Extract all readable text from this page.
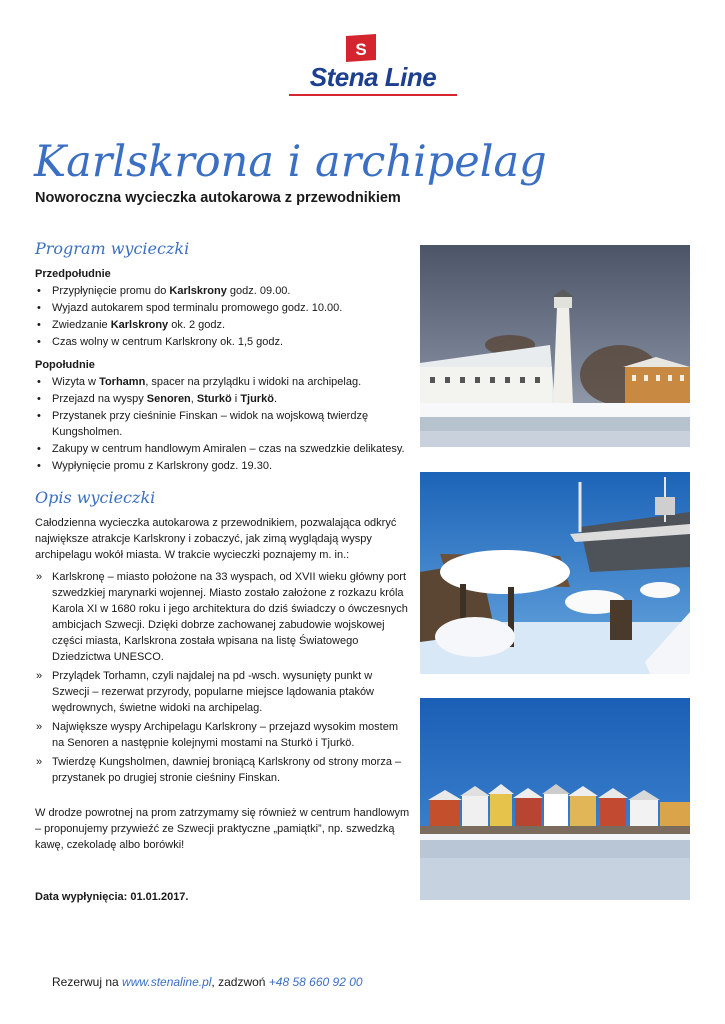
S
Stena Line
Karlskrona i archipelag
Noworoczna wycieczka autokarowa z przewodnikiem
Program wycieczki

Przedpołudnie

• Przypłynięcie promu do Karlskrony godz. 09.00.
• Wyjazd autokarem spod terminalu promowego godz. 10.00.
• Zwiedzanie Karlskrony ok. 2 godz.
• Czas wolny w centrum Karlskrony ok. 1,5 godz.

Popołudnie

• Wizyta w Torhamn, spacer na przylądku i widoki na archipelag.
• Przejazd na wyspy Senoren, Sturkö i Tjurkö.
• Przystanek przy cieśninie Finskan – widok na wojskową twierdzę Kungsholmen.
• Zakupy w centrum handlowym Amiralen – czas na szwedzkie delikatesy.
• Wypłynięcie promu z Karlskrony godz. 19.30.
Opis wycieczki

Całodzienna wycieczka autokarowa z przewodnikiem, pozwalająca odkryć największe atrakcje Karlskrony i zobaczyć, jak zimą wyglądają wyspy archipelagu wokół miasta. W trakcie wycieczki poznajemy m. in.:

» Karlskronę – miasto położone na 33 wyspach, od XVII wieku główny port szwedzkiej marynarki wojennej. Miasto zostało założone z rozkazu króla Karola XI w 1680 roku i jego architektura do dziś świadczy o ówczesnych ambicjach Szwecji. Dzięki dobrze zachowanej zabudowie wojskowej części miasta, Karlskrona została wpisana na listę Światowego Dziedzictwa UNESCO.
» Przylądek Torhamn, czyli najdalej na pd -wsch. wysunięty punkt w Szwecji – rezerwat przyrody, popularne miejsce lądowania ptaków wędrownych, świetne widoki na archipelag.
» Największe wyspy Archipelagu Karlskrony – przejazd wysokim mostem na Senoren a następnie kolejnymi mostami na Sturkö i Tjurkö.
» Twierdzę Kungsholmen, dawniej broniącą Karlskrony od strony morza – przystanek po drugiej stronie cieśniny Finskan.

W drodze powrotnej na prom zatrzymamy się również w centrum handlowym – proponujemy przywieźć ze Szwecji praktyczne „pamiątki”, np. szwedzką kawę, czekoladę albo borówki!

Data wypłynięcia: 01.01.2017.
Rezerwuj na www.stenaline.pl, zadzwoń +48 58 660 92 00
